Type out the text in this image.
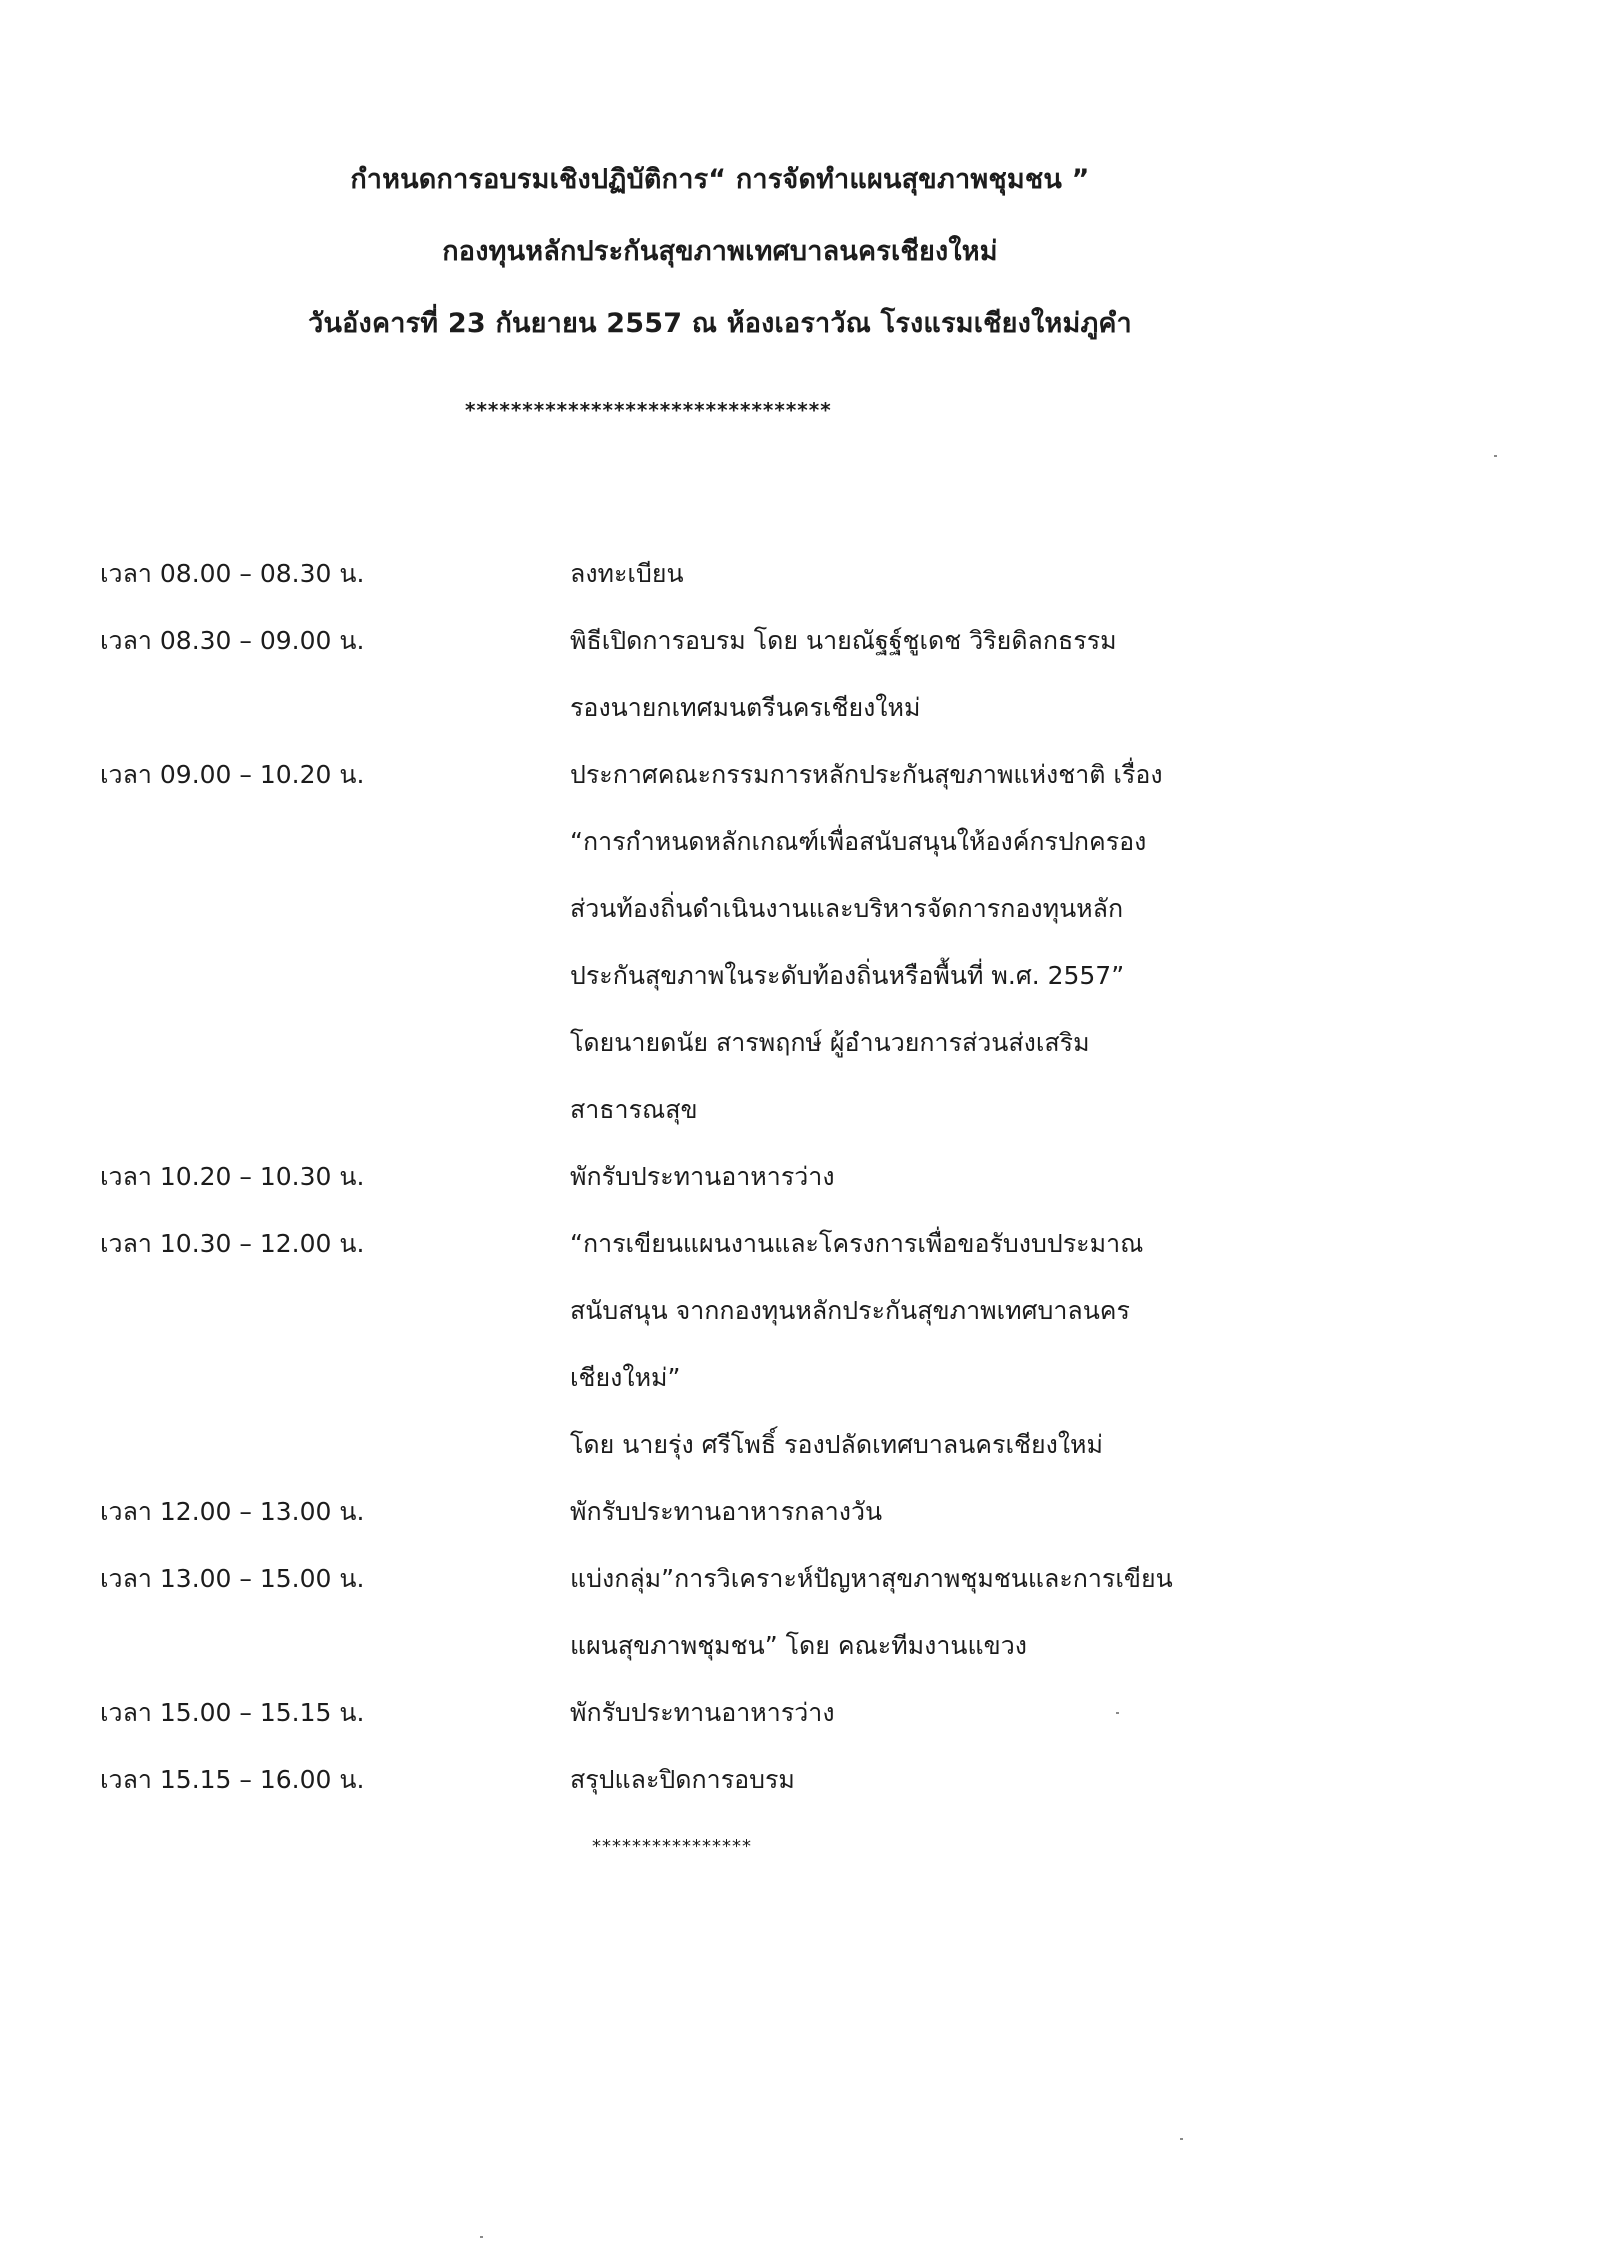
กำหนดการอบรมเชิงปฏิบัติการ“ การจัดทำแผนสุขภาพชุมชน ”
กองทุนหลักประกันสุขภาพเทศบาลนครเชียงใหม่
วันอังคารที่ 23 กันยายน 2557 ณ ห้องเอราวัณ โรงแรมเชียงใหม่ภูคำ
********************************
เวลา 08.00 – 08.30 น.	ลงทะเบียน
เวลา 08.30 – 09.00 น.	พิธีเปิดการอบรม โดย นายณัฐฐ์ชูเดช วิริยดิลกธรรม
รองนายกเทศมนตรีนครเชียงใหม่
เวลา 09.00 – 10.20 น.	ประกาศคณะกรรมการหลักประกันสุขภาพแห่งชาติ เรื่อง
“การกำหนดหลักเกณฑ์เพื่อสนับสนุนให้องค์กรปกครอง
ส่วนท้องถิ่นดำเนินงานและบริหารจัดการกองทุนหลัก
ประกันสุขภาพในระดับท้องถิ่นหรือพื้นที่ พ.ศ. 2557”
โดยนายดนัย สารพฤกษ์ ผู้อำนวยการส่วนส่งเสริม
สาธารณสุข
เวลา 10.20 – 10.30 น.	พักรับประทานอาหารว่าง
เวลา 10.30 – 12.00 น.	“การเขียนแผนงานและโครงการเพื่อขอรับงบประมาณ
สนับสนุน จากกองทุนหลักประกันสุขภาพเทศบาลนคร
เชียงใหม่”
โดย นายรุ่ง ศรีโพธิ์ รองปลัดเทศบาลนครเชียงใหม่
เวลา 12.00 – 13.00 น.	พักรับประทานอาหารกลางวัน
เวลา 13.00 – 15.00 น.	แบ่งกลุ่ม”การวิเคราะห์ปัญหาสุขภาพชุมชนและการเขียน
แผนสุขภาพชุมชน” โดย คณะทีมงานแขวง
เวลา 15.00 – 15.15 น.	พักรับประทานอาหารว่าง
เวลา 15.15 – 16.00 น.	สรุปและปิดการอบรม
****************
